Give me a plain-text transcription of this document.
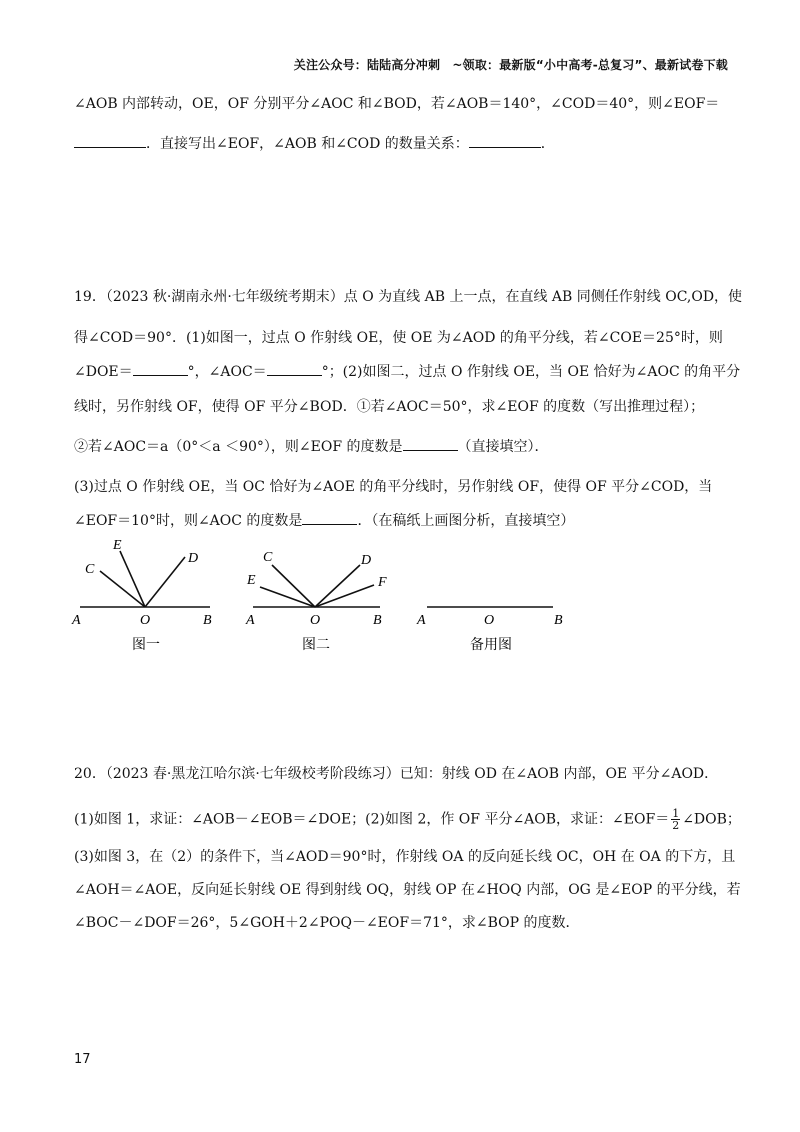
关注公众号：陆陆高分冲刺　~领取：最新版“小中高考-总复习”、最新试卷下载
∠AOB 内部转动，OE，OF 分别平分∠AOC 和∠BOD，若∠AOB＝140°，∠COD＝40°，则∠EOF＝
．直接写出∠EOF，∠AOB 和∠COD 的数量关系：	．
19．（2023 秋·湖南永州·七年级统考期末）点 O 为直线 AB 上一点，在直线 AB 同侧任作射线 OC,OD，使
得∠COD＝90°．(1)如图一，过点 O 作射线 OE，使 OE 为∠AOD 的角平分线，若∠COE＝25°时，则
∠DOE＝	°，∠AOC＝	°；(2)如图二，过点 O 作射线 OE，当 OE 恰好为∠AOC 的角平分
线时，另作射线 OF，使得 OF 平分∠BOD．①若∠AOC＝50°，求∠EOF 的度数（写出推理过程）；
②若∠AOC＝a（0°＜a ＜90°），则∠EOF 的度数是	（直接填空）．
(3)过点 O 作射线 OE，当 OC 恰好为∠AOE 的角平分线时，另作射线 OF，使得 OF 平分∠COD，当
∠EOF＝10°时，则∠AOC 的度数是	．（在稿纸上画图分析，直接填空）
E
C
D
A	O	B
图一
C	D
E	F
A	O	B
图二
A	O	B
备用图
20．（2023 春·黑龙江哈尔滨·七年级校考阶段练习）已知：射线 OD 在∠AOB 内部，OE 平分∠AOD．
(1)如图 1，求证：∠AOB－∠EOB＝∠DOE；(2)如图 2，作 OF 平分∠AOB，求证：∠EOF＝ $\frac{1}{2}$ ∠DOB；
(3)如图 3，在（2）的条件下，当∠AOD＝90°时，作射线 OA 的反向延长线 OC，OH 在 OA 的下方，且
∠AOH＝∠AOE，反向延长射线 OE 得到射线 OQ，射线 OP 在∠HOQ 内部，OG 是∠EOP 的平分线，若
∠BOC－∠DOF＝26°，5∠GOH＋2∠POQ－∠EOF＝71°，求∠BOP 的度数．
17
